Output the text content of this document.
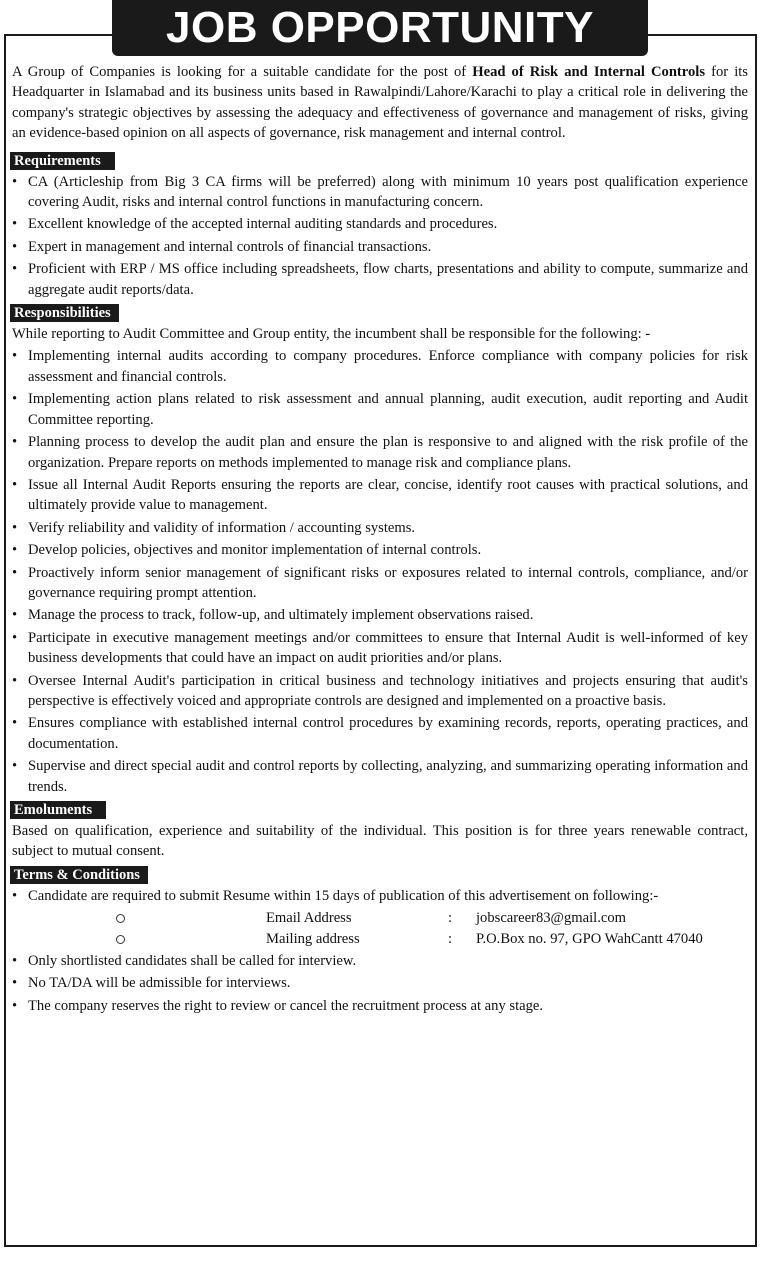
JOB OPPORTUNITY

A Group of Companies is looking for a suitable candidate for the post of Head of Risk and Internal Controls for its Headquarter in Islamabad and its business units based in Rawalpindi/Lahore/Karachi to play a critical role in delivering the company's strategic objectives by assessing the adequacy and effectiveness of governance and management of risks, giving an evidence-based opinion on all aspects of governance, risk management and internal control.

Requirements
• CA (Articleship from Big 3 CA firms will be preferred) along with minimum 10 years post qualification experience covering Audit, risks and internal control functions in manufacturing concern.
• Excellent knowledge of the accepted internal auditing standards and procedures.
• Expert in management and internal controls of financial transactions.
• Proficient with ERP / MS office including spreadsheets, flow charts, presentations and ability to compute, summarize and aggregate audit reports/data.
Responsibilities

While reporting to Audit Committee and Group entity, the incumbent shall be responsible for the following: -

• Implementing internal audits according to company procedures. Enforce compliance with company policies for risk assessment and financial controls.
• Implementing action plans related to risk assessment and annual planning, audit execution, audit reporting and Audit Committee reporting.
• Planning process to develop the audit plan and ensure the plan is responsive to and aligned with the risk profile of the organization. Prepare reports on methods implemented to manage risk and compliance plans.
• Issue all Internal Audit Reports ensuring the reports are clear, concise, identify root causes with practical solutions, and ultimately provide value to management.
• Verify reliability and validity of information / accounting systems.
• Develop policies, objectives and monitor implementation of internal controls.
• Proactively inform senior management of significant risks or exposures related to internal controls, compliance, and/or governance requiring prompt attention.
• Manage the process to track, follow-up, and ultimately implement observations raised.
• Participate in executive management meetings and/or committees to ensure that Internal Audit is well-informed of key business developments that could have an impact on audit priorities and/or plans.
• Oversee Internal Audit's participation in critical business and technology initiatives and projects ensuring that audit's perspective is effectively voiced and appropriate controls are designed and implemented on a proactive basis.
• Ensures compliance with established internal control procedures by examining records, reports, operating practices, and documentation.
• Supervise and direct special audit and control reports by collecting, analyzing, and summarizing operating information and trends.
Emoluments

Based on qualification, experience and suitability of the individual. This position is for three years renewable contract, subject to mutual consent.

Terms & Conditions
• Candidate are required to submit Resume within 15 days of publication of this advertisement on following:-
	Email Address	:	jobscareer83@gmail.com
	Mailing address	:	P.O.Box no. 97, GPO WahCantt 47040
• Only shortlisted candidates shall be called for interview.
• No TA/DA will be admissible for interviews.
• The company reserves the right to review or cancel the recruitment process at any stage.
